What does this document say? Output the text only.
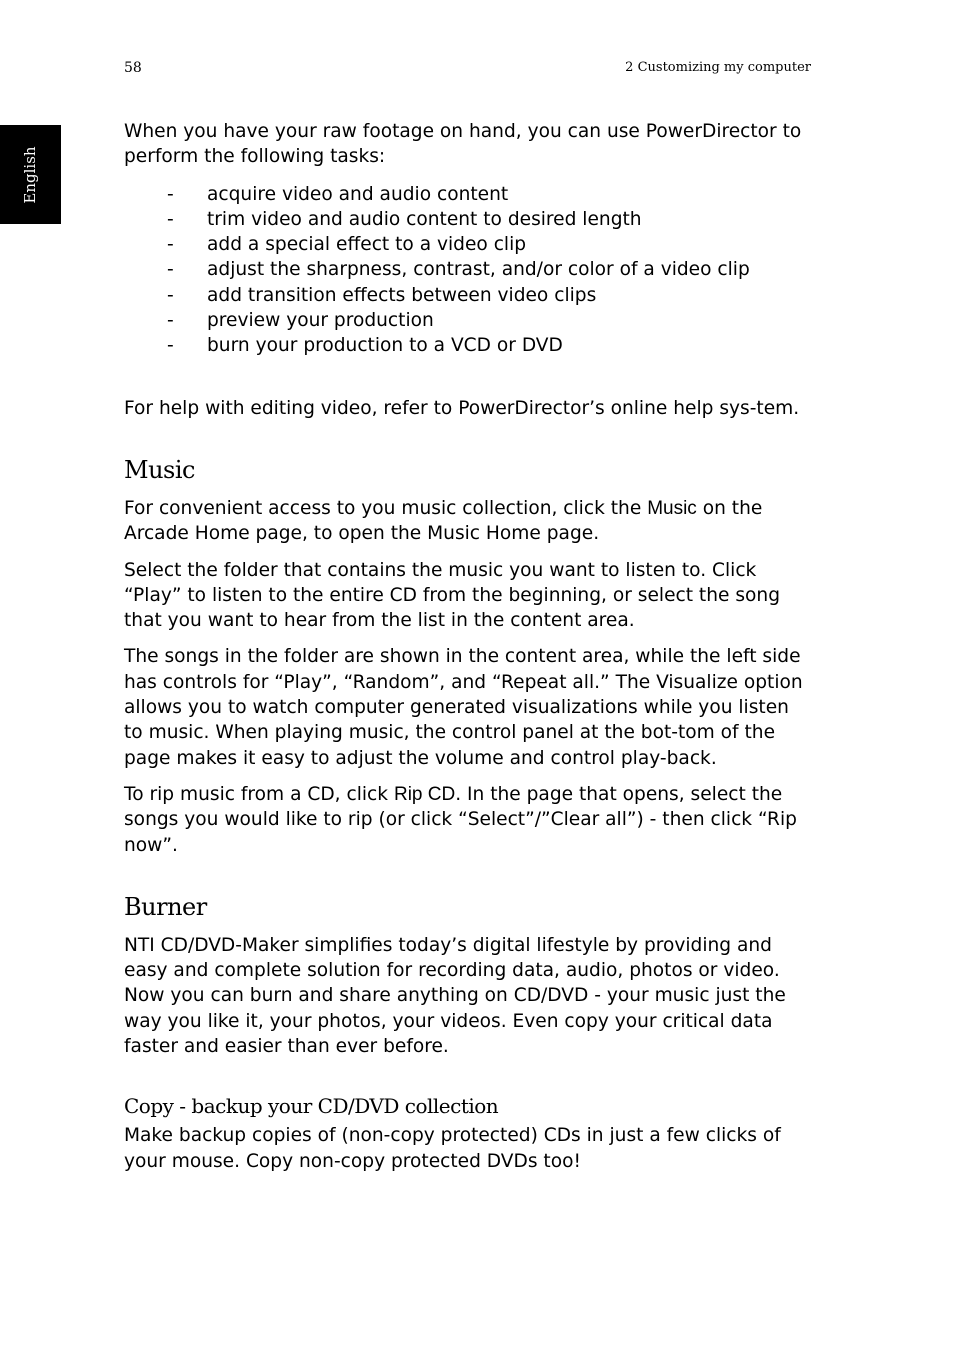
58	2 Customizing my computer
English

When you have your raw footage on hand, you can use PowerDirector to perform the following tasks:

- acquire video and audio content
- trim video and audio content to desired length
- add a special effect to a video clip
- adjust the sharpness, contrast, and/or color of a video clip
- add transition effects between video clips
- preview your production
- burn your production to a VCD or DVD

For help with editing video, refer to PowerDirector’s online help sys-tem.

Music

For convenient access to you music collection, click the Music on the Arcade Home page, to open the Music Home page.

Select the folder that contains the music you want to listen to. Click “Play” to listen to the entire CD from the beginning, or select the song that you want to hear from the list in the content area.

The songs in the folder are shown in the content area, while the left side has controls for “Play”, “Random”, and “Repeat all.” The Visualize option allows you to watch computer generated visualizations while you listen to music. When playing music, the control panel at the bot-tom of the page makes it easy to adjust the volume and control play-back.

To rip music from a CD, click Rip CD. In the page that opens, select the songs you would like to rip (or click “Select”/”Clear all”) - then click “Rip now”.

Burner

NTI CD/DVD-Maker simplifies today’s digital lifestyle by providing and easy and complete solution for recording data, audio, photos or video. Now you can burn and share anything on CD/DVD - your music just the way you like it, your photos, your videos. Even copy your critical data faster and easier than ever before.

Copy - backup your CD/DVD collection

Make backup copies of (non-copy protected) CDs in just a few clicks of your mouse. Copy non-copy protected DVDs too!
